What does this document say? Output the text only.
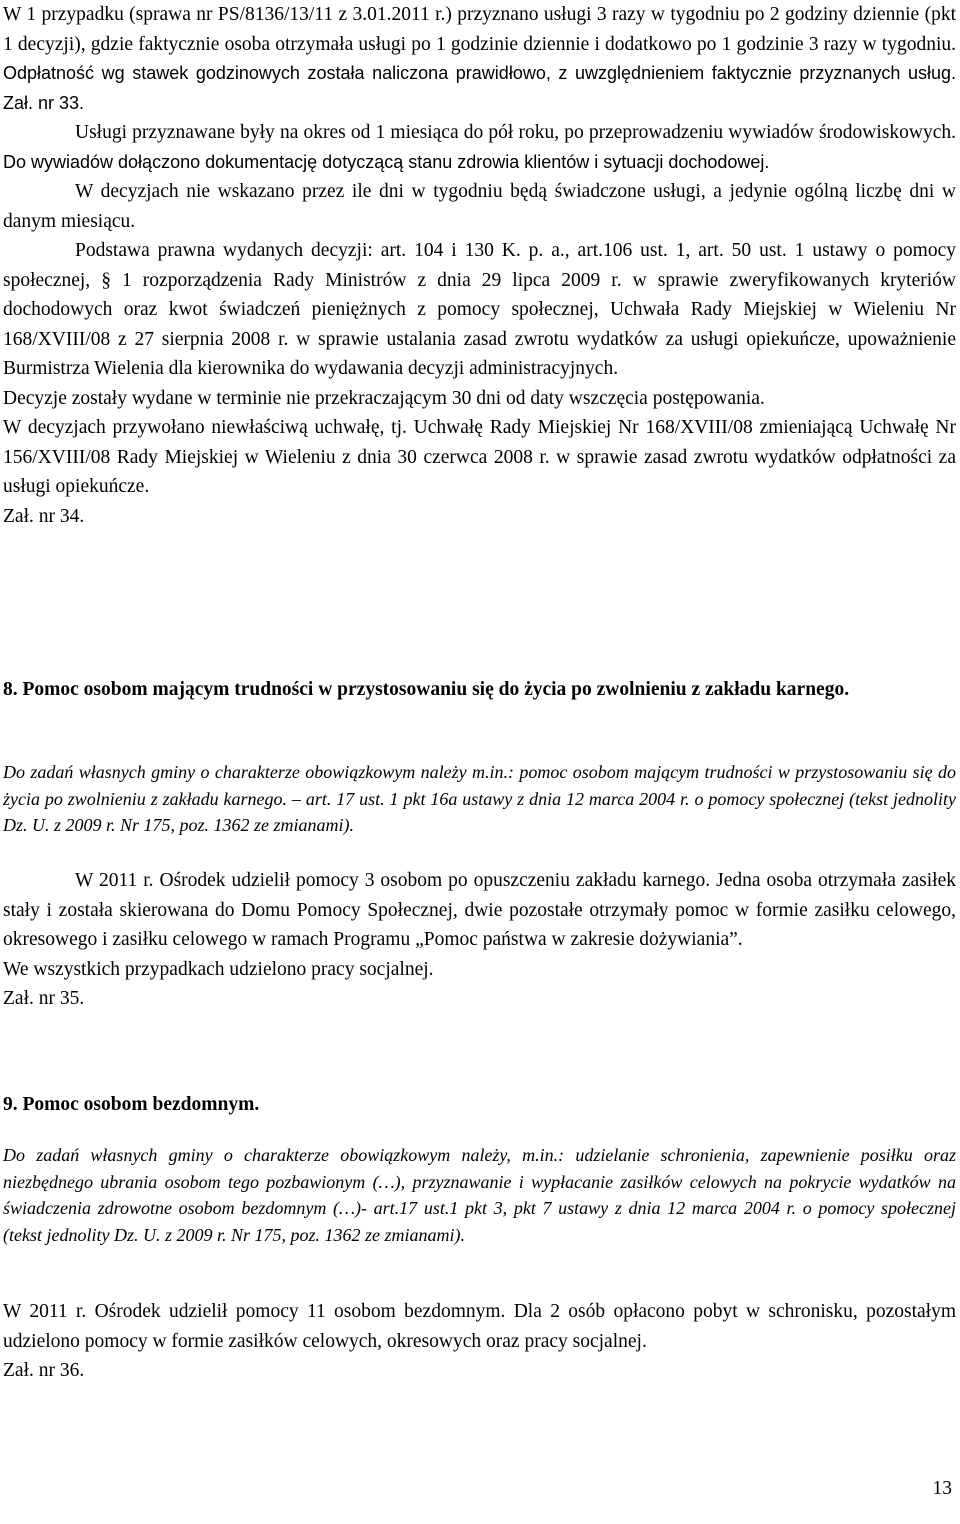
W 1 przypadku (sprawa nr PS/8136/13/11 z 3.01.2011 r.) przyznano usługi 3 razy w tygodniu po 2 godziny dziennie (pkt 1 decyzji), gdzie faktycznie osoba otrzymała usługi po 1 godzinie dziennie i dodatkowo po 1 godzinie 3 razy w tygodniu. Odpłatność wg stawek godzinowych została naliczona prawidłowo, z uwzględnieniem faktycznie przyznanych usług. Zał. nr 33.

Usługi przyznawane były na okres od 1 miesiąca do pół roku, po przeprowadzeniu wywiadów środowiskowych. Do wywiadów dołączono dokumentację dotyczącą stanu zdrowia klientów i sytuacji dochodowej.

W decyzjach nie wskazano przez ile dni w tygodniu będą świadczone usługi, a jedynie ogólną liczbę dni w danym miesiącu.

Podstawa prawna wydanych decyzji: art. 104 i 130 K. p. a., art.106 ust. 1, art. 50 ust. 1 ustawy o pomocy społecznej, § 1 rozporządzenia Rady Ministrów z dnia 29 lipca 2009 r. w sprawie zweryfikowanych kryteriów dochodowych oraz kwot świadczeń pieniężnych z pomocy społecznej, Uchwała Rady Miejskiej w Wieleniu Nr 168/XVIII/08 z 27 sierpnia 2008 r. w sprawie ustalania zasad zwrotu wydatków za usługi opiekuńcze, upoważnienie Burmistrza Wielenia dla kierownika do wydawania decyzji administracyjnych.

Decyzje zostały wydane w terminie nie przekraczającym 30 dni od daty wszczęcia postępowania.

W decyzjach przywołano niewłaściwą uchwałę, tj. Uchwałę Rady Miejskiej Nr 168/XVIII/08 zmieniającą Uchwałę Nr 156/XVIII/08 Rady Miejskiej w Wieleniu z dnia 30 czerwca 2008 r. w sprawie zasad zwrotu wydatków odpłatności za usługi opiekuńcze.

Zał. nr 34.

8. Pomoc osobom mającym trudności w przystosowaniu się do życia po zwolnieniu z zakładu karnego.

Do zadań własnych gminy o charakterze obowiązkowym należy m.in.: pomoc osobom mającym trudności w przystosowaniu się do życia po zwolnieniu z zakładu karnego. – art. 17 ust. 1 pkt 16a ustawy z dnia 12 marca 2004 r. o pomocy społecznej (tekst jednolity Dz. U. z 2009 r. Nr 175, poz. 1362 ze zmianami).

W 2011 r. Ośrodek udzielił pomocy 3 osobom po opuszczeniu zakładu karnego. Jedna osoba otrzymała zasiłek stały i została skierowana do Domu Pomocy Społecznej, dwie pozostałe otrzymały pomoc w formie zasiłku celowego, okresowego i zasiłku celowego w ramach Programu „Pomoc państwa w zakresie dożywiania”.

We wszystkich przypadkach udzielono pracy socjalnej.

Zał. nr 35.

9. Pomoc osobom bezdomnym.

Do zadań własnych gminy o charakterze obowiązkowym należy, m.in.: udzielanie schronienia, zapewnienie posiłku oraz niezbędnego ubrania osobom tego pozbawionym (…), przyznawanie i wypłacanie zasiłków celowych na pokrycie wydatków na świadczenia zdrowotne osobom bezdomnym (…)- art.17 ust.1 pkt 3, pkt 7 ustawy z dnia 12 marca 2004 r. o pomocy społecznej (tekst jednolity Dz. U. z 2009 r. Nr 175, poz. 1362 ze zmianami).

W 2011 r. Ośrodek udzielił pomocy 11 osobom bezdomnym. Dla 2 osób opłacono pobyt w schronisku, pozostałym udzielono pomocy w formie zasiłków celowych, okresowych oraz pracy socjalnej.

Zał. nr 36.

13
